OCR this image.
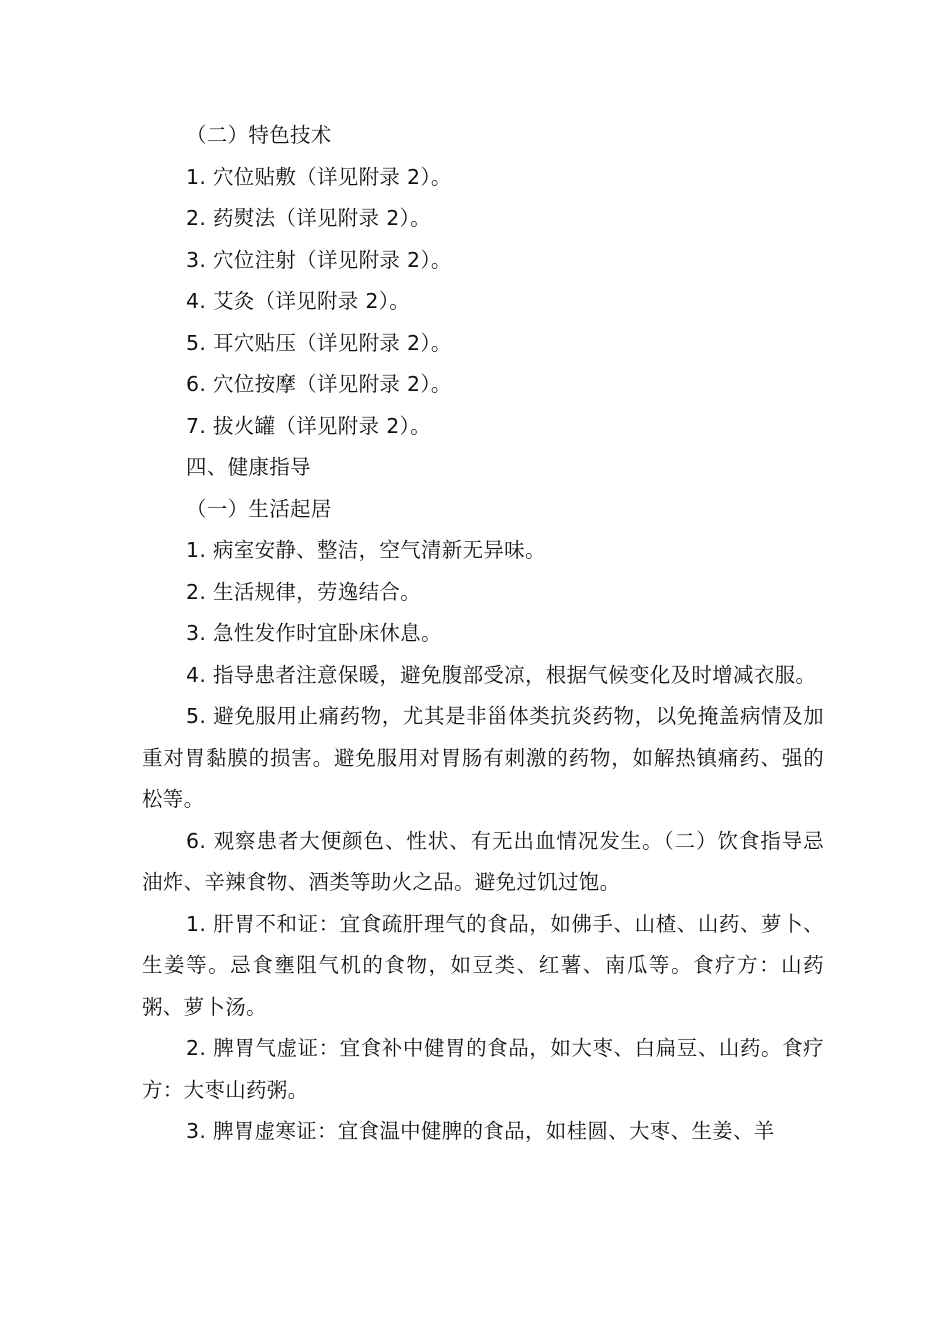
（二）特色技术

1. 穴位贴敷（详见附录 2）。

2. 药熨法（详见附录 2）。

3. 穴位注射（详见附录 2）。

4. 艾灸（详见附录 2）。

5. 耳穴贴压（详见附录 2）。

6. 穴位按摩（详见附录 2）。

7. 拔火罐（详见附录 2）。

四、健康指导

（一）生活起居

1. 病室安静、整洁，空气清新无异味。

2. 生活规律，劳逸结合。

3. 急性发作时宜卧床休息。

4. 指导患者注意保暖，避免腹部受凉，根据气候变化及时增减衣服。

5. 避免服用止痛药物，尤其是非甾体类抗炎药物，以免掩盖病情及加重对胃黏膜的损害。避免服用对胃肠有刺激的药物，如解热镇痛药、强的松等。

6. 观察患者大便颜色、性状、有无出血情况发生。（二）饮食指导忌油炸、辛辣食物、酒类等助火之品。避免过饥过饱。

1. 肝胃不和证：宜食疏肝理气的食品，如佛手、山楂、山药、萝卜、生姜等。忌食壅阻气机的食物，如豆类、红薯、南瓜等。食疗方：山药粥、萝卜汤。

2. 脾胃气虚证：宜食补中健胃的食品，如大枣、白扁豆、山药。食疗方：大枣山药粥。

3. 脾胃虚寒证：宜食温中健脾的食品，如桂圆、大枣、生姜、羊
